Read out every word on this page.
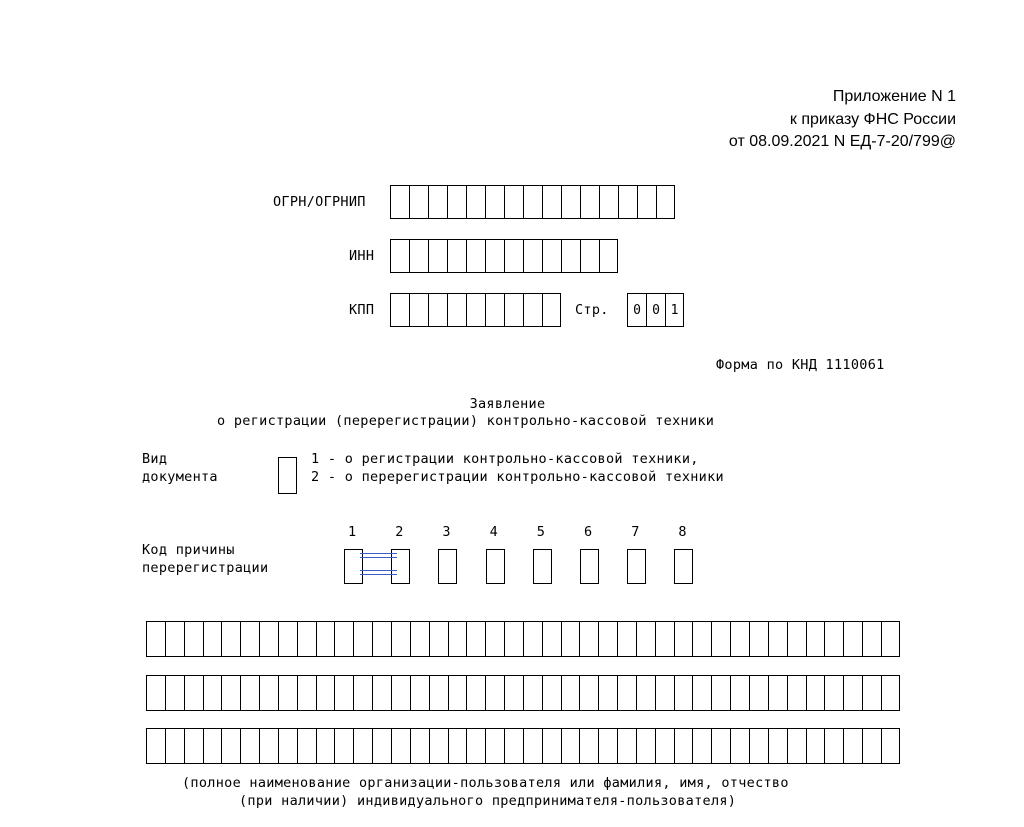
Приложение N 1
к приказу ФНС России
от 08.09.2021 N ЕД-7-20/799@
ОГРН/ОГРНИП
ИНН
КПП	Стр.	0 0 1
Форма по КНД 1110061
Заявление
о регистрации (перерегистрации) контрольно-кассовой техники
Вид
документа
1 - о регистрации контрольно-кассовой техники,
2 - о перерегистрации контрольно-кассовой техники
Код причины
перерегистрации
1	2	3	4	5	6	7	8
(полное наименование организации-пользователя или фамилия, имя, отчество
(при наличии) индивидуального предпринимателя-пользователя)
